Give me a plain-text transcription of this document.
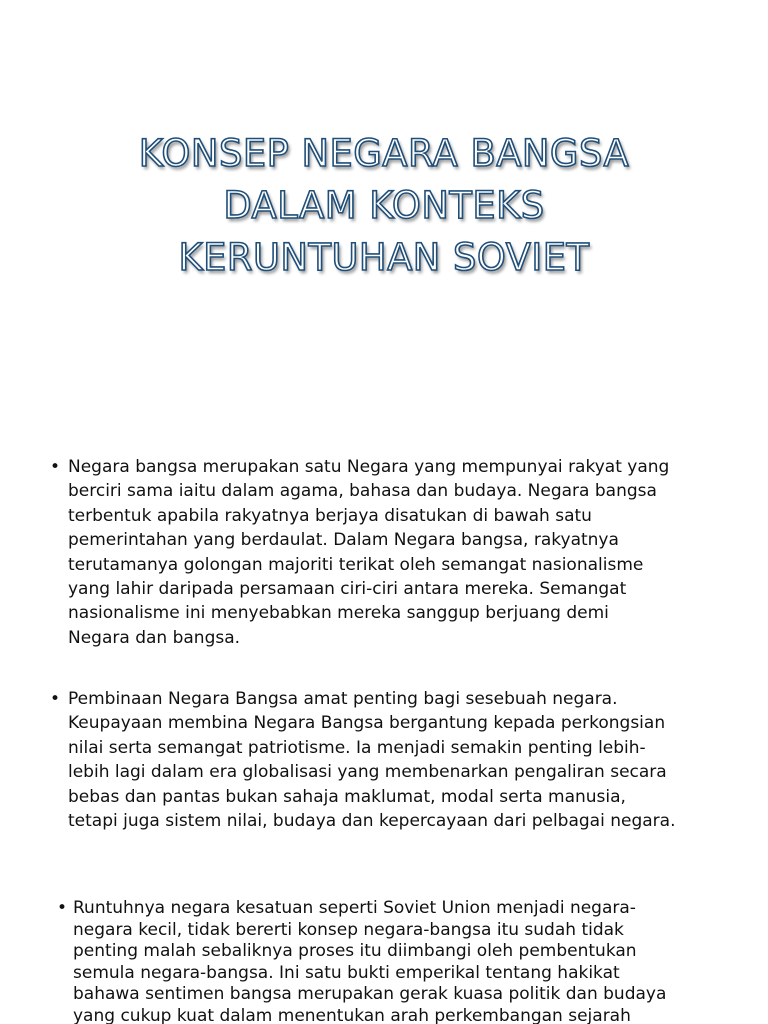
KONSEP NEGARA BANGSA
DALAM KONTEKS
KERUNTUHAN SOVIET
• Negara bangsa merupakan satu Negara yang mempunyai rakyat yang
berciri sama iaitu dalam agama, bahasa dan budaya. Negara bangsa
terbentuk apabila rakyatnya berjaya disatukan di bawah satu
pemerintahan yang berdaulat. Dalam Negara bangsa, rakyatnya
terutamanya golongan majoriti terikat oleh semangat nasionalisme
yang lahir daripada persamaan ciri-ciri antara mereka. Semangat
nasionalisme ini menyebabkan mereka sanggup berjuang demi
Negara dan bangsa.
• Pembinaan Negara Bangsa amat penting bagi sesebuah negara.
Keupayaan membina Negara Bangsa bergantung kepada perkongsian
nilai serta semangat patriotisme. Ia menjadi semakin penting lebih-
lebih lagi dalam era globalisasi yang membenarkan pengaliran secara
bebas dan pantas bukan sahaja maklumat, modal serta manusia,
tetapi juga sistem nilai, budaya dan kepercayaan dari pelbagai negara.
• Runtuhnya negara kesatuan seperti Soviet Union menjadi negara-
negara kecil, tidak bererti konsep negara-bangsa itu sudah tidak
penting malah sebaliknya proses itu diimbangi oleh pembentukan
semula negara-bangsa. Ini satu bukti emperikal tentang hakikat
bahawa sentimen bangsa merupakan gerak kuasa politik dan budaya
yang cukup kuat dalam menentukan arah perkembangan sejarah
